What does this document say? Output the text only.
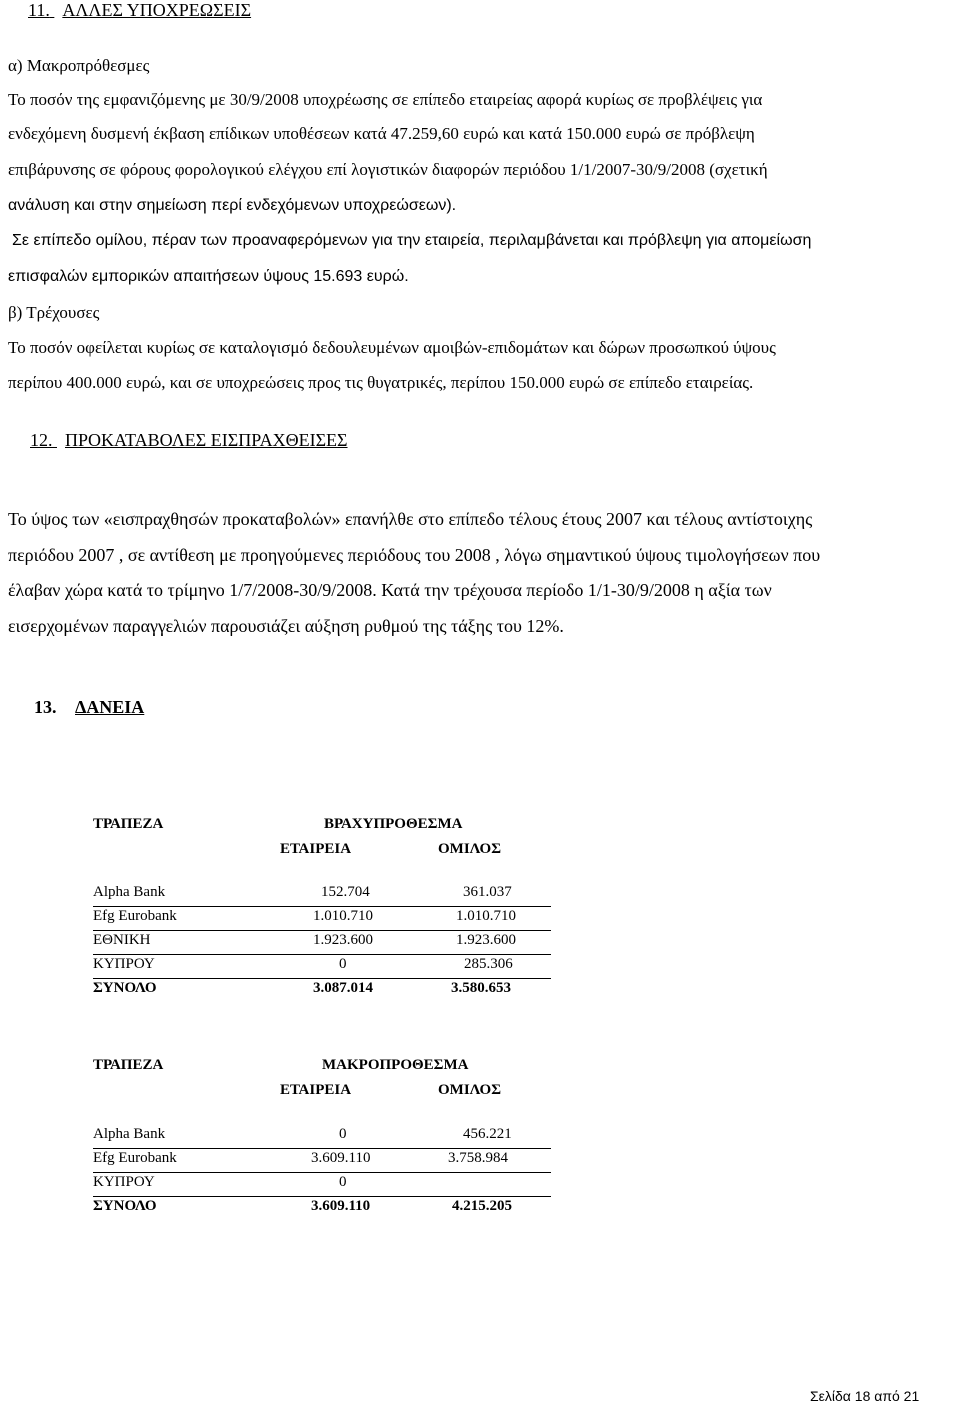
11. ΑΛΛΕΣ ΥΠΟΧΡΕΩΣΕΙΣ
α) Μακροπρόθεσμες
Το ποσόν της εμφανιζόμενης με 30/9/2008 υποχρέωσης σε επίπεδο εταιρείας αφορά κυρίως σε προβλέψεις για
ενδεχόμενη δυσμενή έκβαση επίδικων υποθέσεων κατά 47.259,60 ευρώ και κατά 150.000 ευρώ σε πρόβλεψη
επιβάρυνσης σε φόρους φορολογικού ελέγχου επί λογιστικών διαφορών περιόδου 1/1/2007-30/9/2008 (σχετική
ανάλυση και στην σημείωση περί ενδεχόμενων υποχρεώσεων).
Σε επίπεδο ομίλου, πέραν των προαναφερόμενων για την εταιρεία, περιλαμβάνεται και πρόβλεψη για απομείωση
επισφαλών εμπορικών απαιτήσεων ύψους 15.693 ευρώ.
β) Τρέχουσες
Το ποσόν οφείλεται κυρίως σε καταλογισμό δεδουλευμένων αμοιβών-επιδομάτων και δώρων προσωπκού ύψους
περίπου 400.000 ευρώ, και σε υποχρεώσεις προς τις θυγατρικές, περίπου 150.000 ευρώ σε επίπεδο εταιρείας.
12. ΠΡΟΚΑΤΑΒΟΛΕΣ ΕΙΣΠΡΑΧΘΕΙΣΕΣ
Το ύψος των «εισπραχθησών προκαταβολών» επανήλθε στο επίπεδο τέλους έτους 2007 και τέλους αντίστοιχης
περιόδου 2007 , σε αντίθεση με προηγούμενες περιόδους του 2008 , λόγω σημαντικού ύψους τιμολογήσεων που
έλαβαν χώρα κατά το τρίμηνο 1/7/2008-30/9/2008. Κατά την τρέχουσα περίοδο 1/1-30/9/2008 η αξία των
εισερχομένων παραγγελιών παρουσιάζει αύξηση ρυθμού της τάξης του 12%.
13. ΔΑΝΕΙΑ
ΤΡΑΠΕΖΑ	ΒΡΑΧΥΠΡΟΘΕΣΜΑ
ΕΤΑΙΡΕΙΑ	ΟΜΙΛΟΣ
Alpha Bank	152.704	361.037
Efg Eurobank	1.010.710	1.010.710
ΕΘΝΙΚΗ	1.923.600	1.923.600
ΚΥΠΡΟΥ	0	285.306
ΣΥΝΟΛΟ	3.087.014	3.580.653
ΤΡΑΠΕΖΑ	ΜΑΚΡΟΠΡΟΘΕΣΜΑ
ΕΤΑΙΡΕΙΑ	ΟΜΙΛΟΣ
Alpha Bank	0	456.221
Efg Eurobank	3.609.110	3.758.984
ΚΥΠΡΟΥ	0
ΣΥΝΟΛΟ	3.609.110	4.215.205
Σελίδα 18 από 21
